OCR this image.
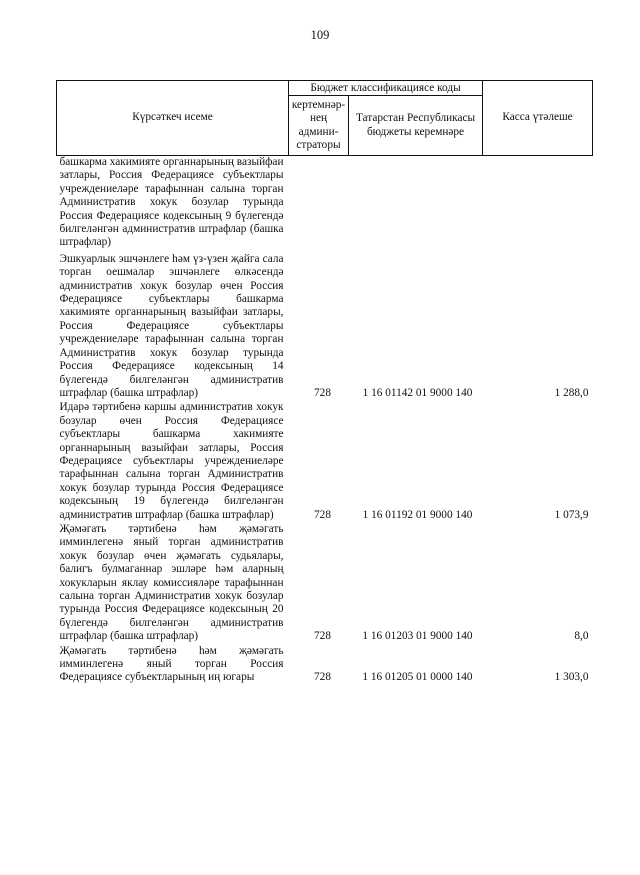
109
Күрсәткеч исеме	Бюджет классификациясе коды		Касса үтәлеше
	кертемнәр-нең админи-страторы	Татарстан Республикасы бюджеты керемнәре	
башкарма хакимияте органнарының вазыйфаи затлары, Россия Федерациясе субъектлары учреждениеләре тарафыннан салына торган Административ хокук бозулар турында Россия Федерациясе кодексының 9 бүлегендә билгеләнгән административ штрафлар (башка штрафлар)			
Эшкуарлык эшчәнлеге һәм үз-үзен җайга сала торган оешмалар эшчәнлеге өлкәсендә административ хокук бозулар өчен Россия Федерациясе субъектлары башкарма хакимияте органнарының вазыйфаи затлары, Россия Федерациясе субъектлары учреждениеләре тарафыннан салына торган Административ хокук бозулар турында Россия Федерациясе кодексының 14 бүлегендә билгеләнгән административ штрафлар (башка штрафлар)	728	1 16 01142 01 9000 140	1 288,0
Идарә тәртибенә каршы административ хокук бозулар өчен Россия Федерациясе субъектлары башкарма хакимияте органнарының вазыйфаи затлары, Россия Федерациясе субъектлары учреждениеләре тарафыннан салына торган Административ хокук бозулар турында Россия Федерациясе кодексының 19 бүлегендә билгеләнгән административ штрафлар (башка штрафлар)	728	1 16 01192 01 9000 140	1 073,9
Җәмәгать тәртибенә һәм җәмәгать имминлегенә яный торган административ хокук бозулар өчен җәмәгать судьялары, балигъ булмаганнар эшләре һәм аларның хокукларын яклау комиссияләре тарафыннан салына торган Административ хокук бозулар турында Россия Федерациясе кодексының 20 бүлегендә билгеләнгән административ штрафлар (башка штрафлар)	728	1 16 01203 01 9000 140	8,0
Җәмәгать тәртибенә һәм җәмәгать имминлегенә яный торган Россия Федерациясе субъектларының иң югары	728	1 16 01205 01 0000 140	1 303,0
